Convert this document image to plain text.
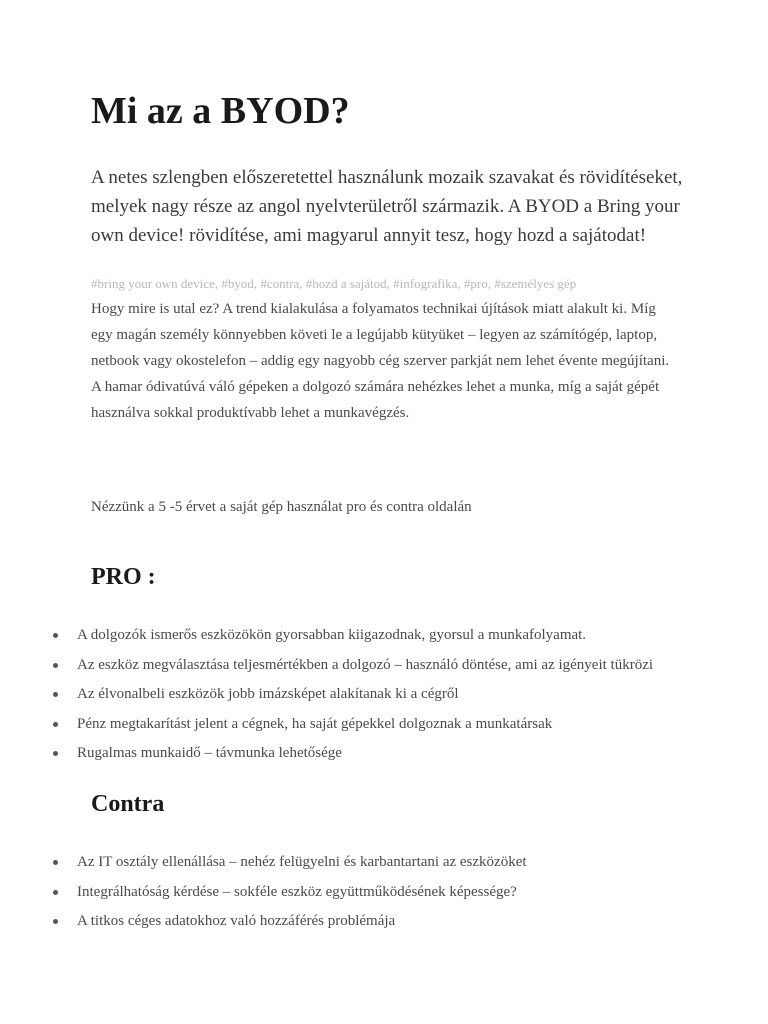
Mi az a BYOD?

A netes szlengben előszeretettel használunk mozaik szavakat és rövidítéseket, melyek nagy része az angol nyelvterületről származik. A BYOD a Bring your own device! rövidítése, ami magyarul annyit tesz, hogy hozd a sajátodat!

#bring your own device, #byod, #contra, #hozd a sajátod, #infografika, #pro, #személyes gép

Hogy mire is utal ez? A trend kialakulása a folyamatos technikai újítások miatt alakult ki. Míg egy magán személy könnyebben követi le a legújabb kütyüket – legyen az számítógép, laptop, netbook vagy okostelefon – addig egy nagyobb cég szerver parkját nem lehet évente megújítani. A hamar ódivatúvá váló gépeken a dolgozó számára nehézkes lehet a munka, míg a saját gépét használva sokkal produktívabb lehet a munkavégzés.

Nézzünk a 5 -5 érvet a saját gép használat pro és contra oldalán

PRO :
A dolgozók ismerős eszközökön gyorsabban kiigazodnak, gyorsul a munkafolyamat.
Az eszköz megválasztása teljesmértékben a dolgozó – használó döntése, ami az igényeit tükrözi
Az élvonalbeli eszközök jobb imázsképet alakítanak ki a cégről
Pénz megtakarítást jelent a cégnek, ha saját gépekkel dolgoznak a munkatársak
Rugalmas munkaidő – távmunka lehetősége
Contra
Az IT osztály ellenállása – nehéz felügyelni és karbantartani az eszközöket
Integrálhatóság kérdése – sokféle eszköz együttműködésének képessége?
A titkos céges adatokhoz való hozzáférés problémája
